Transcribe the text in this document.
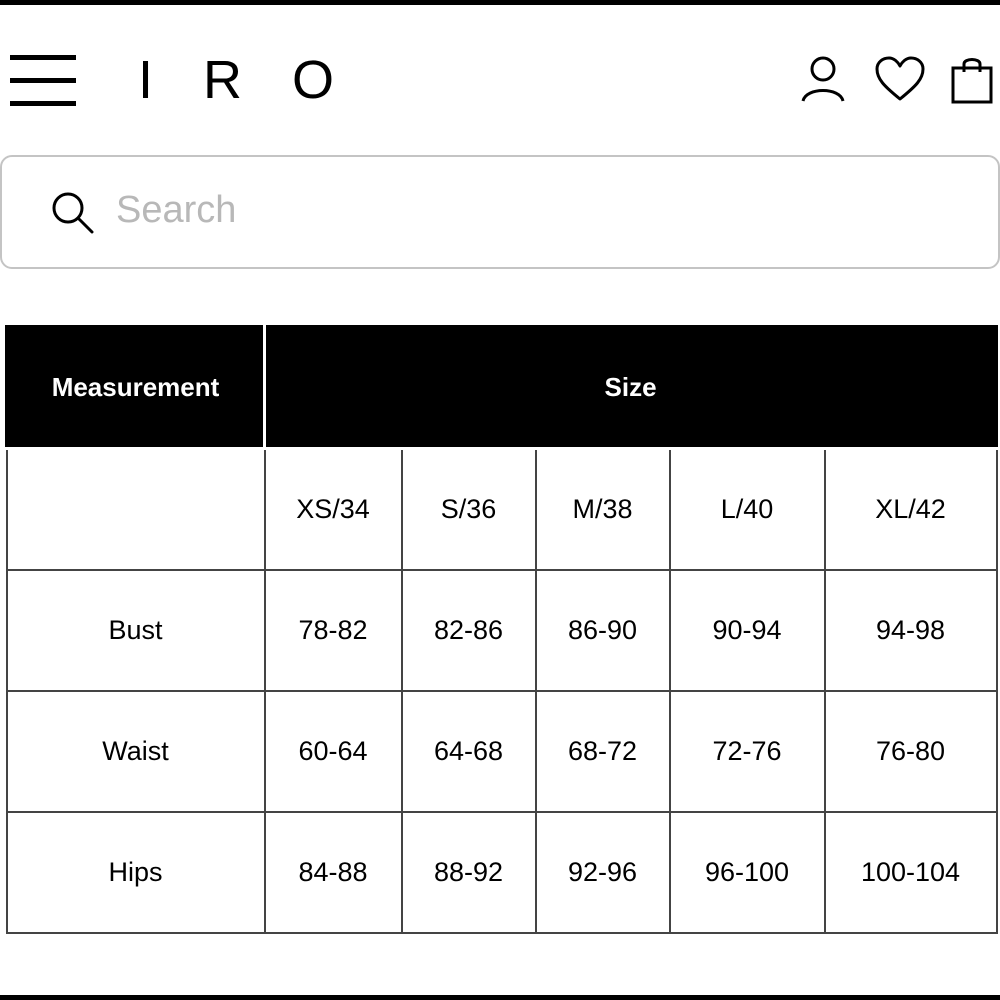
IRO
Search
Measurement	Size				
	XS/34	S/36	M/38	L/40	XL/42
Bust	78-82	82-86	86-90	90-94	94-98
Waist	60-64	64-68	68-72	72-76	76-80
Hips	84-88	88-92	92-96	96-100	100-104
